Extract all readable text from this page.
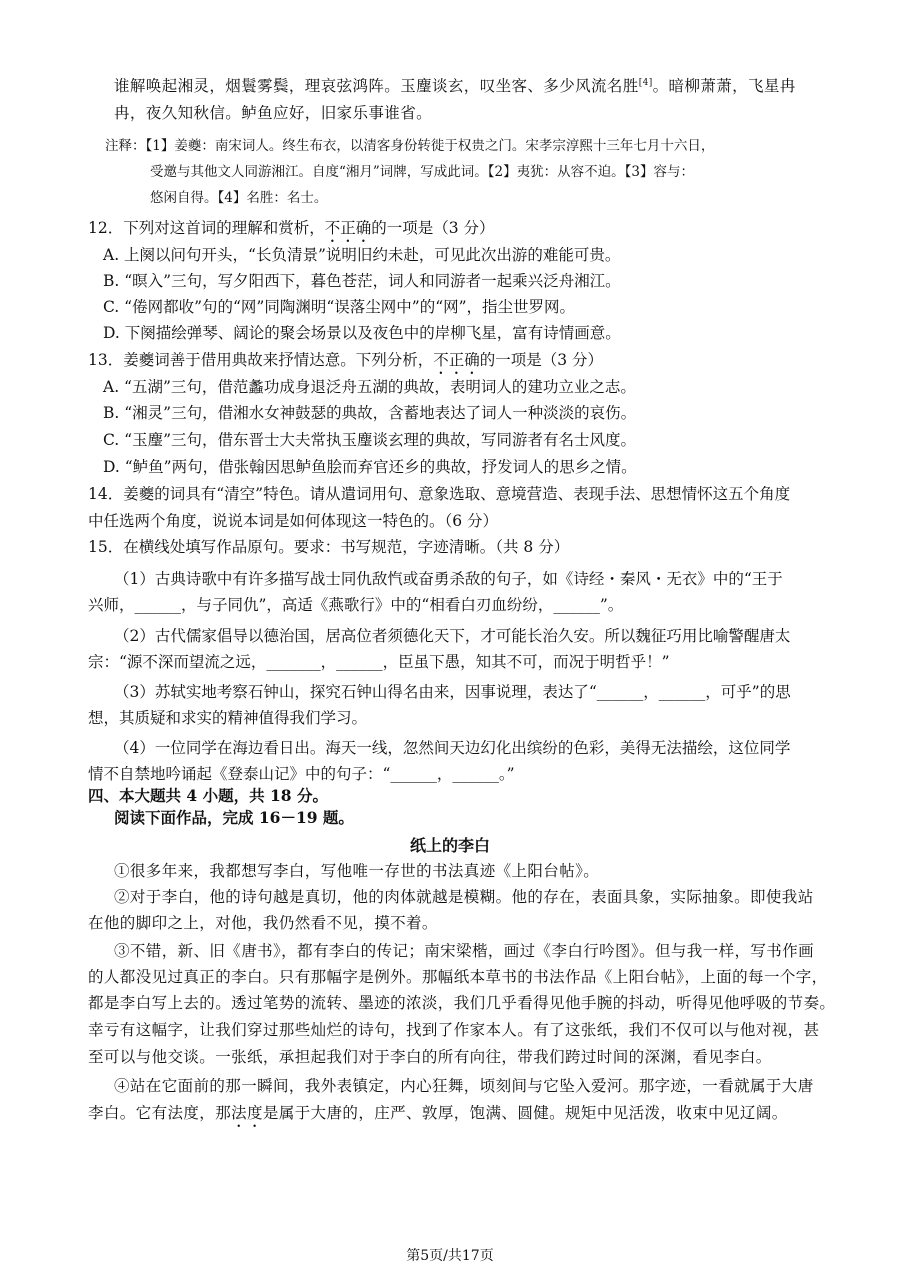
谁解唤起湘灵，烟鬟雾鬓，理哀弦鸿阵。玉麈谈玄，叹坐客、多少风流名胜[4]。暗柳萧萧，飞星冉
冉，夜久知秋信。鲈鱼应好，旧家乐事谁省。
注释：【1】姜夔：南宋词人。终生布衣，以清客身份转徙于权贵之门。宋孝宗淳熙十三年七月十六日，
受邀与其他文人同游湘江。自度“湘月”词牌，写成此词。【2】夷犹：从容不迫。【3】容与：
悠闲自得。【4】名胜：名士。
12．下列对这首词的理解和赏析，不正确的一项是（3 分）
A. 上阕以问句开头，“长负清景”说明旧约未赴，可见此次出游的难能可贵。
B. “暝入”三句，写夕阳西下，暮色苍茫，词人和同游者一起乘兴泛舟湘江。
C. “倦网都收”句的“网”同陶渊明“误落尘网中”的“网”，指尘世罗网。
D. 下阕描绘弹琴、阔论的聚会场景以及夜色中的岸柳飞星，富有诗情画意。
13．姜夔词善于借用典故来抒情达意。下列分析，不正确的一项是（3 分）
A. “五湖”三句，借范蠡功成身退泛舟五湖的典故，表明词人的建功立业之志。
B. “湘灵”三句，借湘水女神鼓瑟的典故，含蓄地表达了词人一种淡淡的哀伤。
C. “玉麈”三句，借东晋士大夫常执玉麈谈玄理的典故，写同游者有名士风度。
D. “鲈鱼”两句，借张翰因思鲈鱼脍而弃官还乡的典故，抒发词人的思乡之情。
14．姜夔的词具有“清空”特色。请从遣词用句、意象选取、意境营造、表现手法、思想情怀这五个角度
中任选两个角度，说说本词是如何体现这一特色的。（6 分）
15．在横线处填写作品原句。要求：书写规范，字迹清晰。（共 8 分）
（1）古典诗歌中有许多描写战士同仇敌忾或奋勇杀敌的句子，如《诗经・秦风・无衣》中的“王于
兴师，______，与子同仇”，高适《燕歌行》中的“相看白刃血纷纷，______”。
（2）古代儒家倡导以德治国，居高位者须德化天下，才可能长治久安。所以魏征巧用比喻警醒唐太
宗：“源不深而望流之远，_______，______，臣虽下愚，知其不可，而况于明哲乎！”
（3）苏轼实地考察石钟山，探究石钟山得名由来，因事说理，表达了“______，______，可乎”的思
想，其质疑和求实的精神值得我们学习。
（4）一位同学在海边看日出。海天一线，忽然间天边幻化出缤纷的色彩，美得无法描绘，这位同学
情不自禁地吟诵起《登泰山记》中的句子：“______，______。”
四、本大题共 4 小题，共 18 分。
阅读下面作品，完成 16－19 题。
纸上的李白
①很多年来，我都想写李白，写他唯一存世的书法真迹《上阳台帖》。
②对于李白，他的诗句越是真切，他的肉体就越是模糊。他的存在，表面具象，实际抽象。即使我站
在他的脚印之上，对他，我仍然看不见，摸不着。
③不错，新、旧《唐书》，都有李白的传记；南宋梁楷，画过《李白行吟图》。但与我一样，写书作画
的人都没见过真正的李白。只有那幅字是例外。那幅纸本草书的书法作品《上阳台帖》，上面的每一个字，
都是李白写上去的。透过笔势的流转、墨迹的浓淡，我们几乎看得见他手腕的抖动，听得见他呼吸的节奏。
幸亏有这幅字，让我们穿过那些灿烂的诗句，找到了作家本人。有了这张纸，我们不仅可以与他对视，甚
至可以与他交谈。一张纸，承担起我们对于李白的所有向往，带我们跨过时间的深渊，看见李白。
④站在它面前的那一瞬间，我外表镇定，内心狂舞，顷刻间与它坠入爱河。那字迹，一看就属于大唐
李白。它有法度，那法度是属于大唐的，庄严、敦厚，饱满、圆健。规矩中见活泼，收束中见辽阔。
第5页/共17页
